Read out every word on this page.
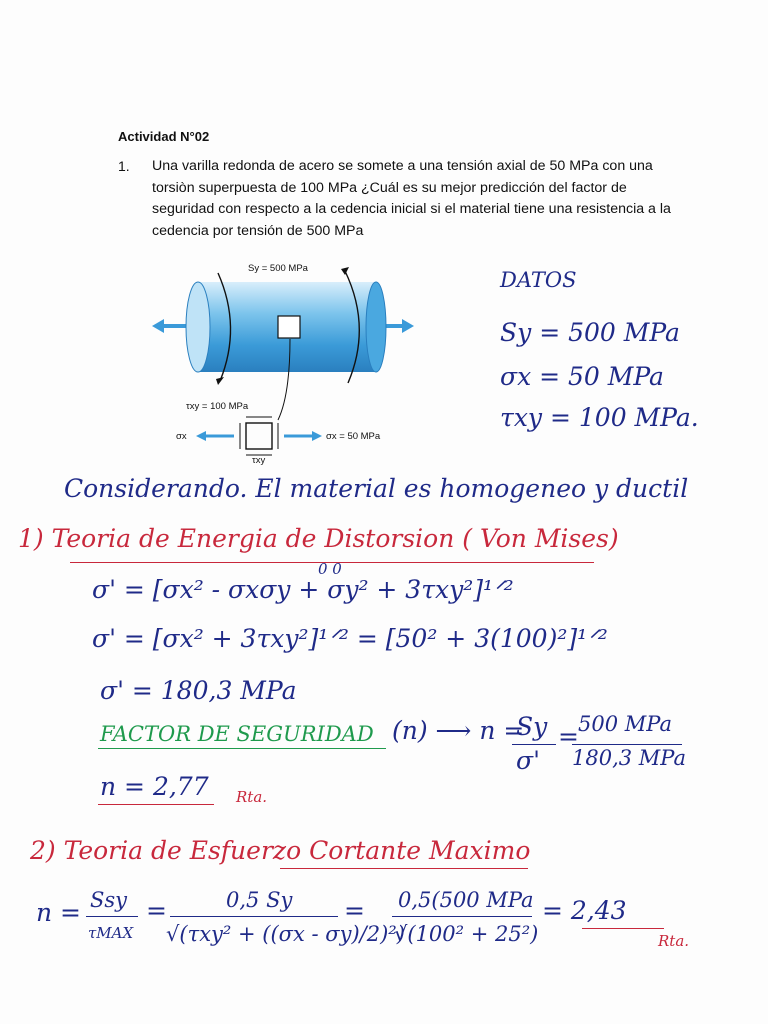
Actividad N°02
1. Una varilla redonda de acero se somete a una tensión axial de 50 MPa con una torsiòn superpuesta de 100 MPa ¿Cuál es su mejor predicción del factor de seguridad con respecto a la cedencia inicial si el material tiene una resistencia a la cedencia por tensión de 500 MPa
Sy = 500 MPa
τxy = 100 MPa
σx	σx = 50 MPa
τxy
DATOS
Sy = 500 MPa
σx = 50 MPa
τxy = 100 MPa.
Considerando. El material es homogeneo y ductil
1) Teoria de Energia de Distorsion ( Von Mises)
0 0
σ' = [σx² - σxσy + σy² + 3τxy²]¹ᐟ²
σ' = [σx² + 3τxy²]¹ᐟ² = [50² + 3(100)²]¹ᐟ²
σ' = 180,3 MPa
FACTOR DE SEGURIDAD (n) ⟶ n =
Sy
σ'
= 500 MPa
180,3 MPa
n = 2,77 Rta.
2) Teoria de Esfuerzo Cortante Maximo
n = Ssy
τMAX
=	0,5 Sy
√(τxy² + ((σx - σy)/2)²)
= 0,5(500 MPa
√(100² + 25²)
= 2,43
Rta.
